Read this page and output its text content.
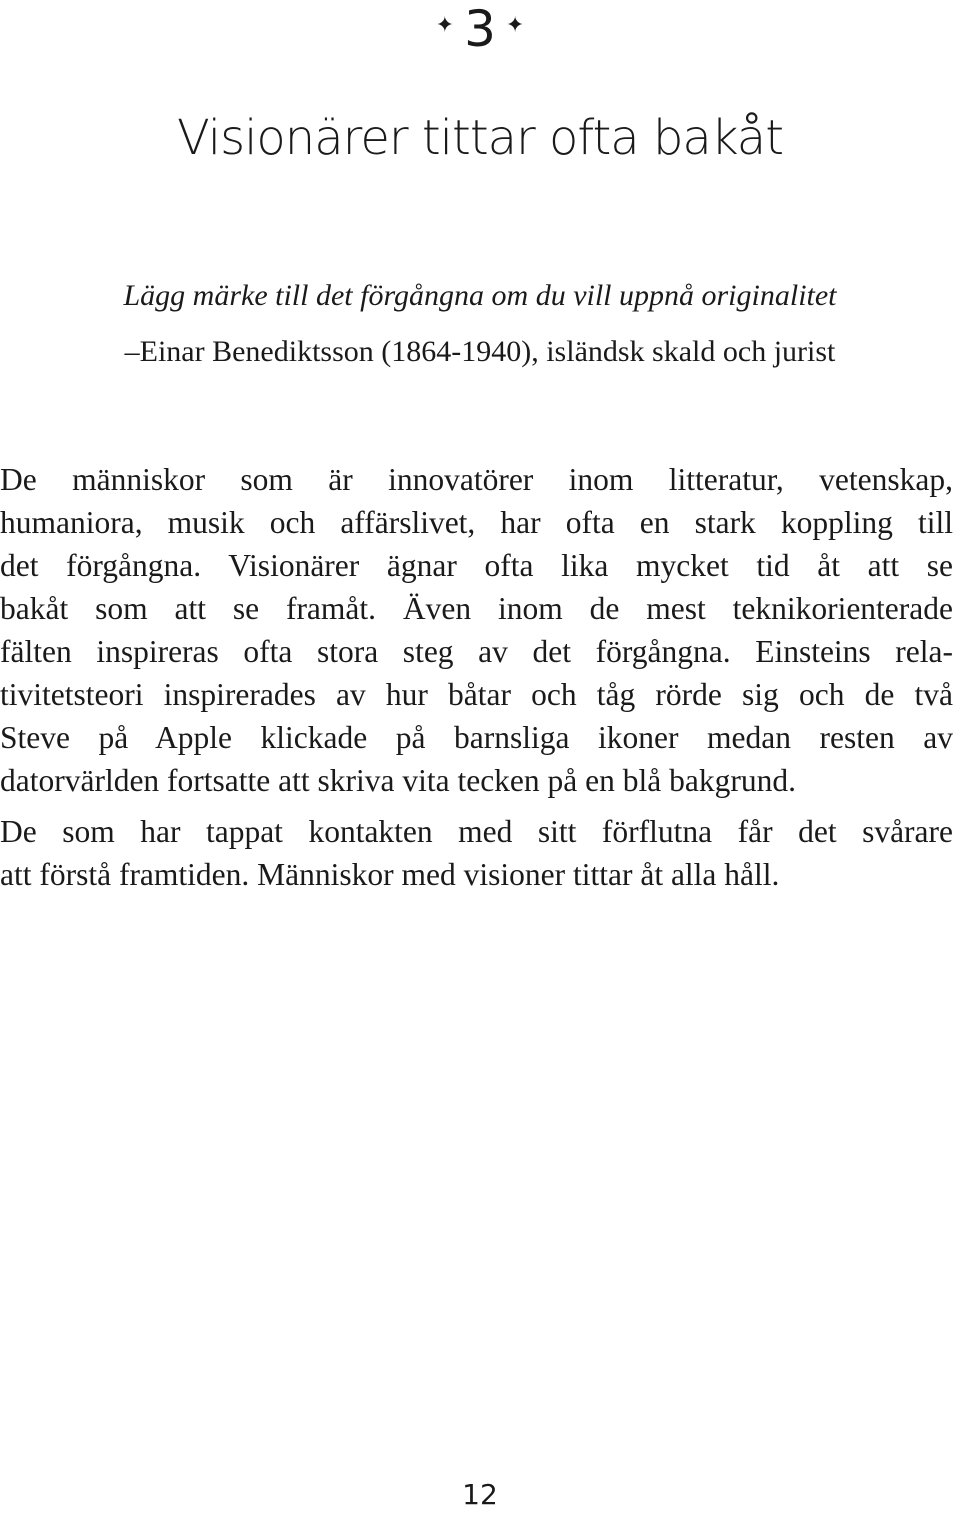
✦ 3 ✦
Visionärer tittar ofta bakåt
Lägg märke till det förgångna om du vill uppnå originalitet
–Einar Benediktsson (1864-1940), isländsk skald och jurist

De människor som är innovatörer inom litteratur, vetenskap,
humaniora, musik och affärslivet, har ofta en stark koppling till
det förgångna. Visionärer ägnar ofta lika mycket tid åt att se
bakåt som att se framåt. Även inom de mest teknikorienterade
fälten inspireras ofta stora steg av det förgångna. Einsteins rela-
tivitetsteori inspirerades av hur båtar och tåg rörde sig och de två
Steve på Apple klickade på barnsliga ikoner medan resten av
datorvärlden fortsatte att skriva vita tecken på en blå bakgrund.

De som har tappat kontakten med sitt förflutna får det svårare
att förstå framtiden. Människor med visioner tittar åt alla håll.

12
